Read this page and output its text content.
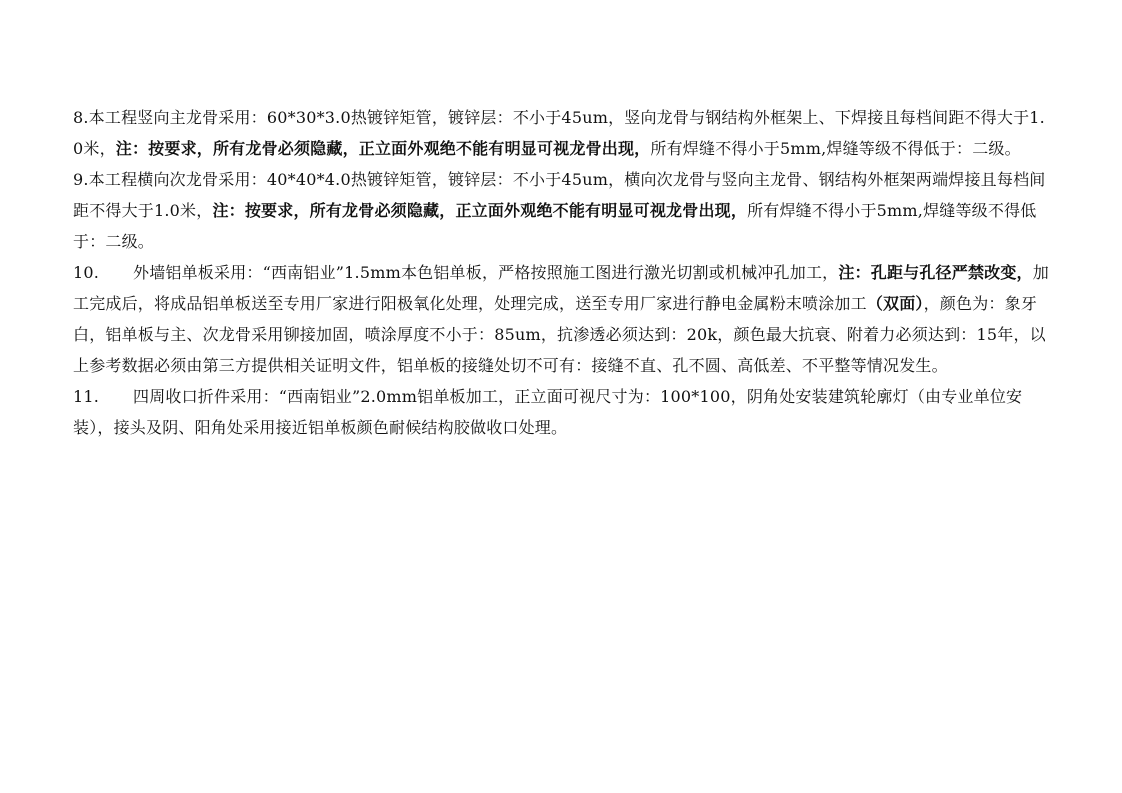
8.本工程竖向主龙骨采用：60*30*3.0热镀锌矩管，镀锌层：不小于45um，竖向龙骨与钢结构外框架上、下焊接且每档间距不得大于1.0米，注：按要求，所有龙骨必须隐藏，正立面外观绝不能有明显可视龙骨出现，所有焊缝不得小于5mm,焊缝等级不得低于：二级。

9.本工程横向次龙骨采用：40*40*4.0热镀锌矩管，镀锌层：不小于45um，横向次龙骨与竖向主龙骨、钢结构外框架两端焊接且每档间距不得大于1.0米，注：按要求，所有龙骨必须隐藏，正立面外观绝不能有明显可视龙骨出现，所有焊缝不得小于5mm,焊缝等级不得低于：二级。

10. 外墙铝单板采用：“西南铝业”1.5mm本色铝单板，严格按照施工图进行激光切割或机械冲孔加工，注：孔距与孔径严禁改变，加工完成后，将成品铝单板送至专用厂家进行阳极氧化处理，处理完成，送至专用厂家进行静电金属粉末喷涂加工（双面），颜色为：象牙白，铝单板与主、次龙骨采用铆接加固，喷涂厚度不小于：85um，抗渗透必须达到：20k，颜色最大抗衰、附着力必须达到：15年，以上参考数据必须由第三方提供相关证明文件，铝单板的接缝处切不可有：接缝不直、孔不圆、高低差、不平整等情况发生。

11. 四周收口折件采用：“西南铝业”2.0mm铝单板加工，正立面可视尺寸为：100*100，阴角处安装建筑轮廓灯（由专业单位安装），接头及阴、阳角处采用接近铝单板颜色耐候结构胶做收口处理。
